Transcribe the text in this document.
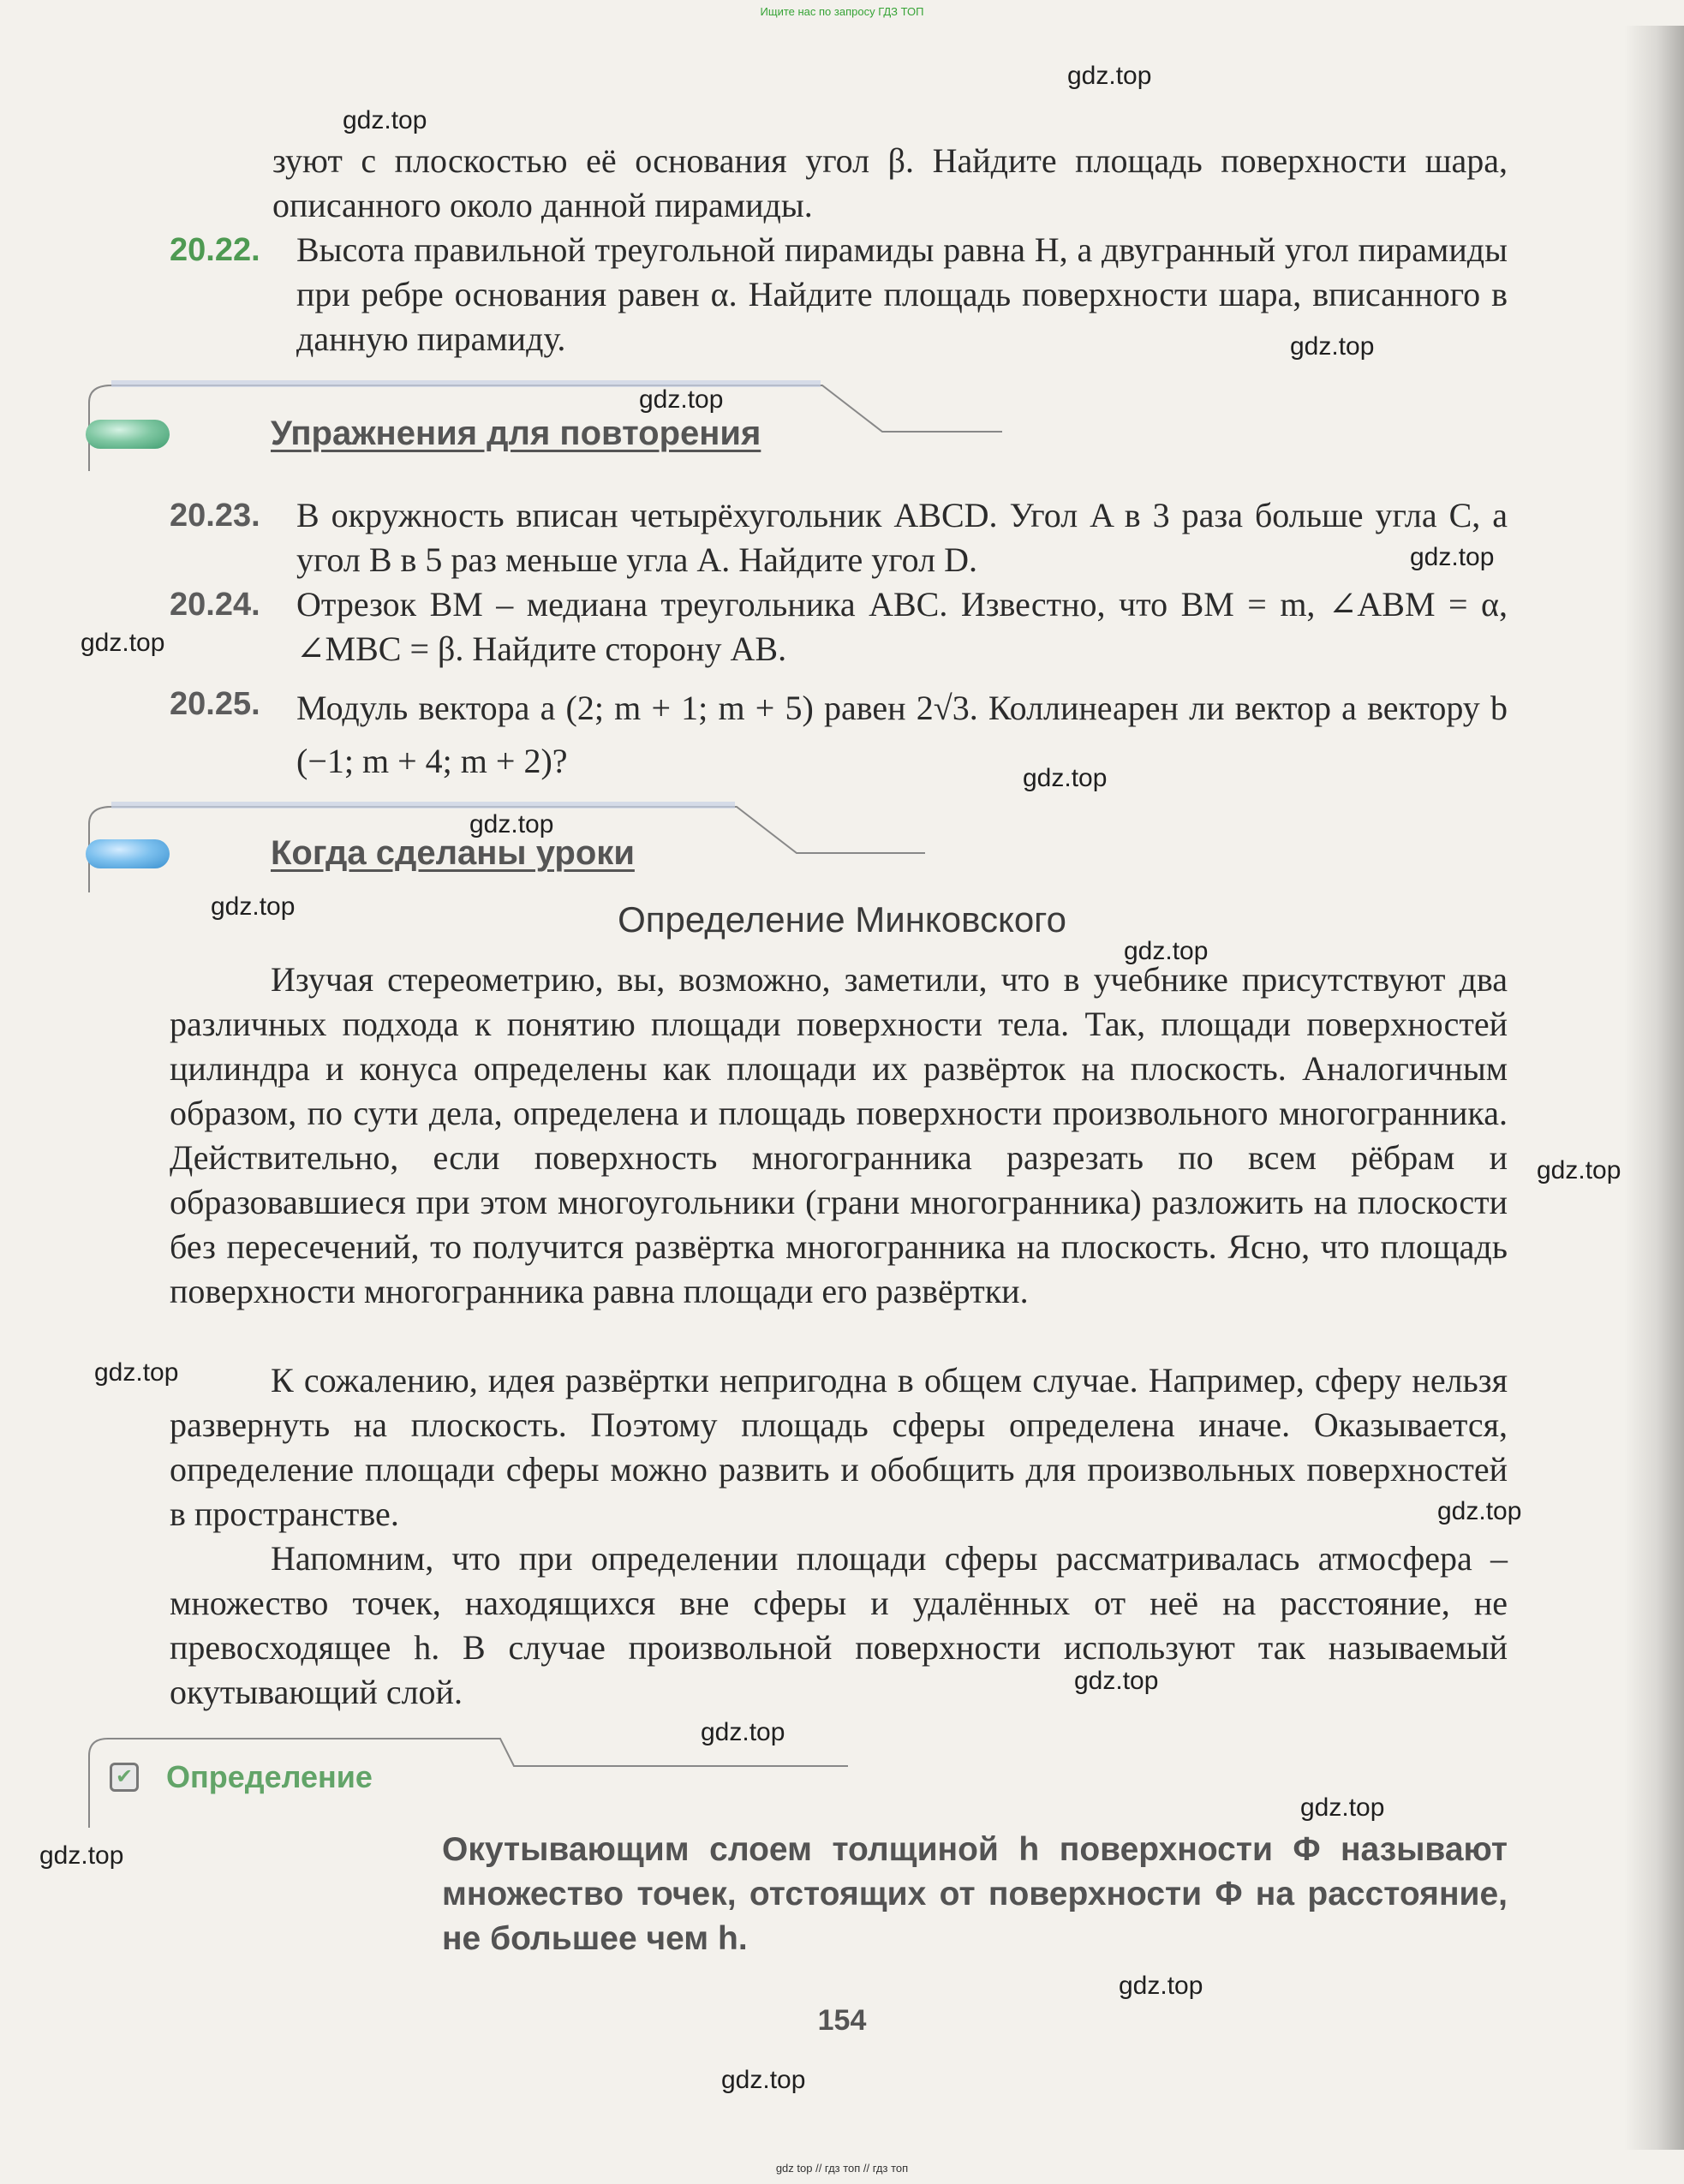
Ищите нас по запросу ГДЗ ТОП
зуют с плоскостью её основания угол β. Найдите площадь поверхности шара, описанного около данной пирамиды.
20.22. Высота правильной треугольной пирамиды равна H, а двугранный угол пирамиды при ребре основания равен α. Найдите площадь поверхности шара, вписанного в данную пирамиду.
Упражнения для повторения
20.23. В окружность вписан четырёхугольник ABCD. Угол A в 3 раза больше угла C, а угол B в 5 раз меньше угла A. Найдите угол D.
20.24. Отрезок BM – медиана треугольника ABC. Известно, что BM = m, ∠ABM = α, ∠MBC = β. Найдите сторону AB.
20.25. Модуль вектора a (2; m + 1; m + 5) равен 2√3. Коллинеарен ли вектор a вектору b (−1; m + 4; m + 2)?
Когда сделаны уроки
Определение Минковского
Изучая стереометрию, вы, возможно, заметили, что в учебнике присутствуют два различных подхода к понятию площади поверхности тела. Так, площади поверхностей цилиндра и конуса определены как площади их развёрток на плоскость. Аналогичным образом, по сути дела, определена и площадь поверхности произвольного многогранника. Действительно, если поверхность многогранника разрезать по всем рёбрам и образовавшиеся при этом многоугольники (грани многогранника) разложить на плоскости без пересечений, то получится развёртка многогранника на плоскость. Ясно, что площадь поверхности многогранника равна площади его развёртки.
К сожалению, идея развёртки непригодна в общем случае. Например, сферу нельзя развернуть на плоскость. Поэтому площадь сферы определена иначе. Оказывается, определение площади сферы можно развить и обобщить для произвольных поверхностей в пространстве.
Напомним, что при определении площади сферы рассматривалась атмосфера – множество точек, находящихся вне сферы и удалённых от неё на расстояние, не превосходящее h. В случае произвольной поверхности используют так называемый окутывающий слой.
✔ Определение
Окутывающим слоем толщиной h поверхности Φ называют множество точек, отстоящих от поверхности Φ на расстояние, не большее чем h.
154
gdz.top
gdz.top
gdz.top
gdz.top
gdz.top
gdz.top
gdz.top
gdz.top
gdz.top
gdz.top
gdz.top
gdz.top
gdz.top
gdz.top
gdz.top
gdz.top
gdz.top
gdz.top
gdz.top
gdz top // гдз топ // гдз топ
